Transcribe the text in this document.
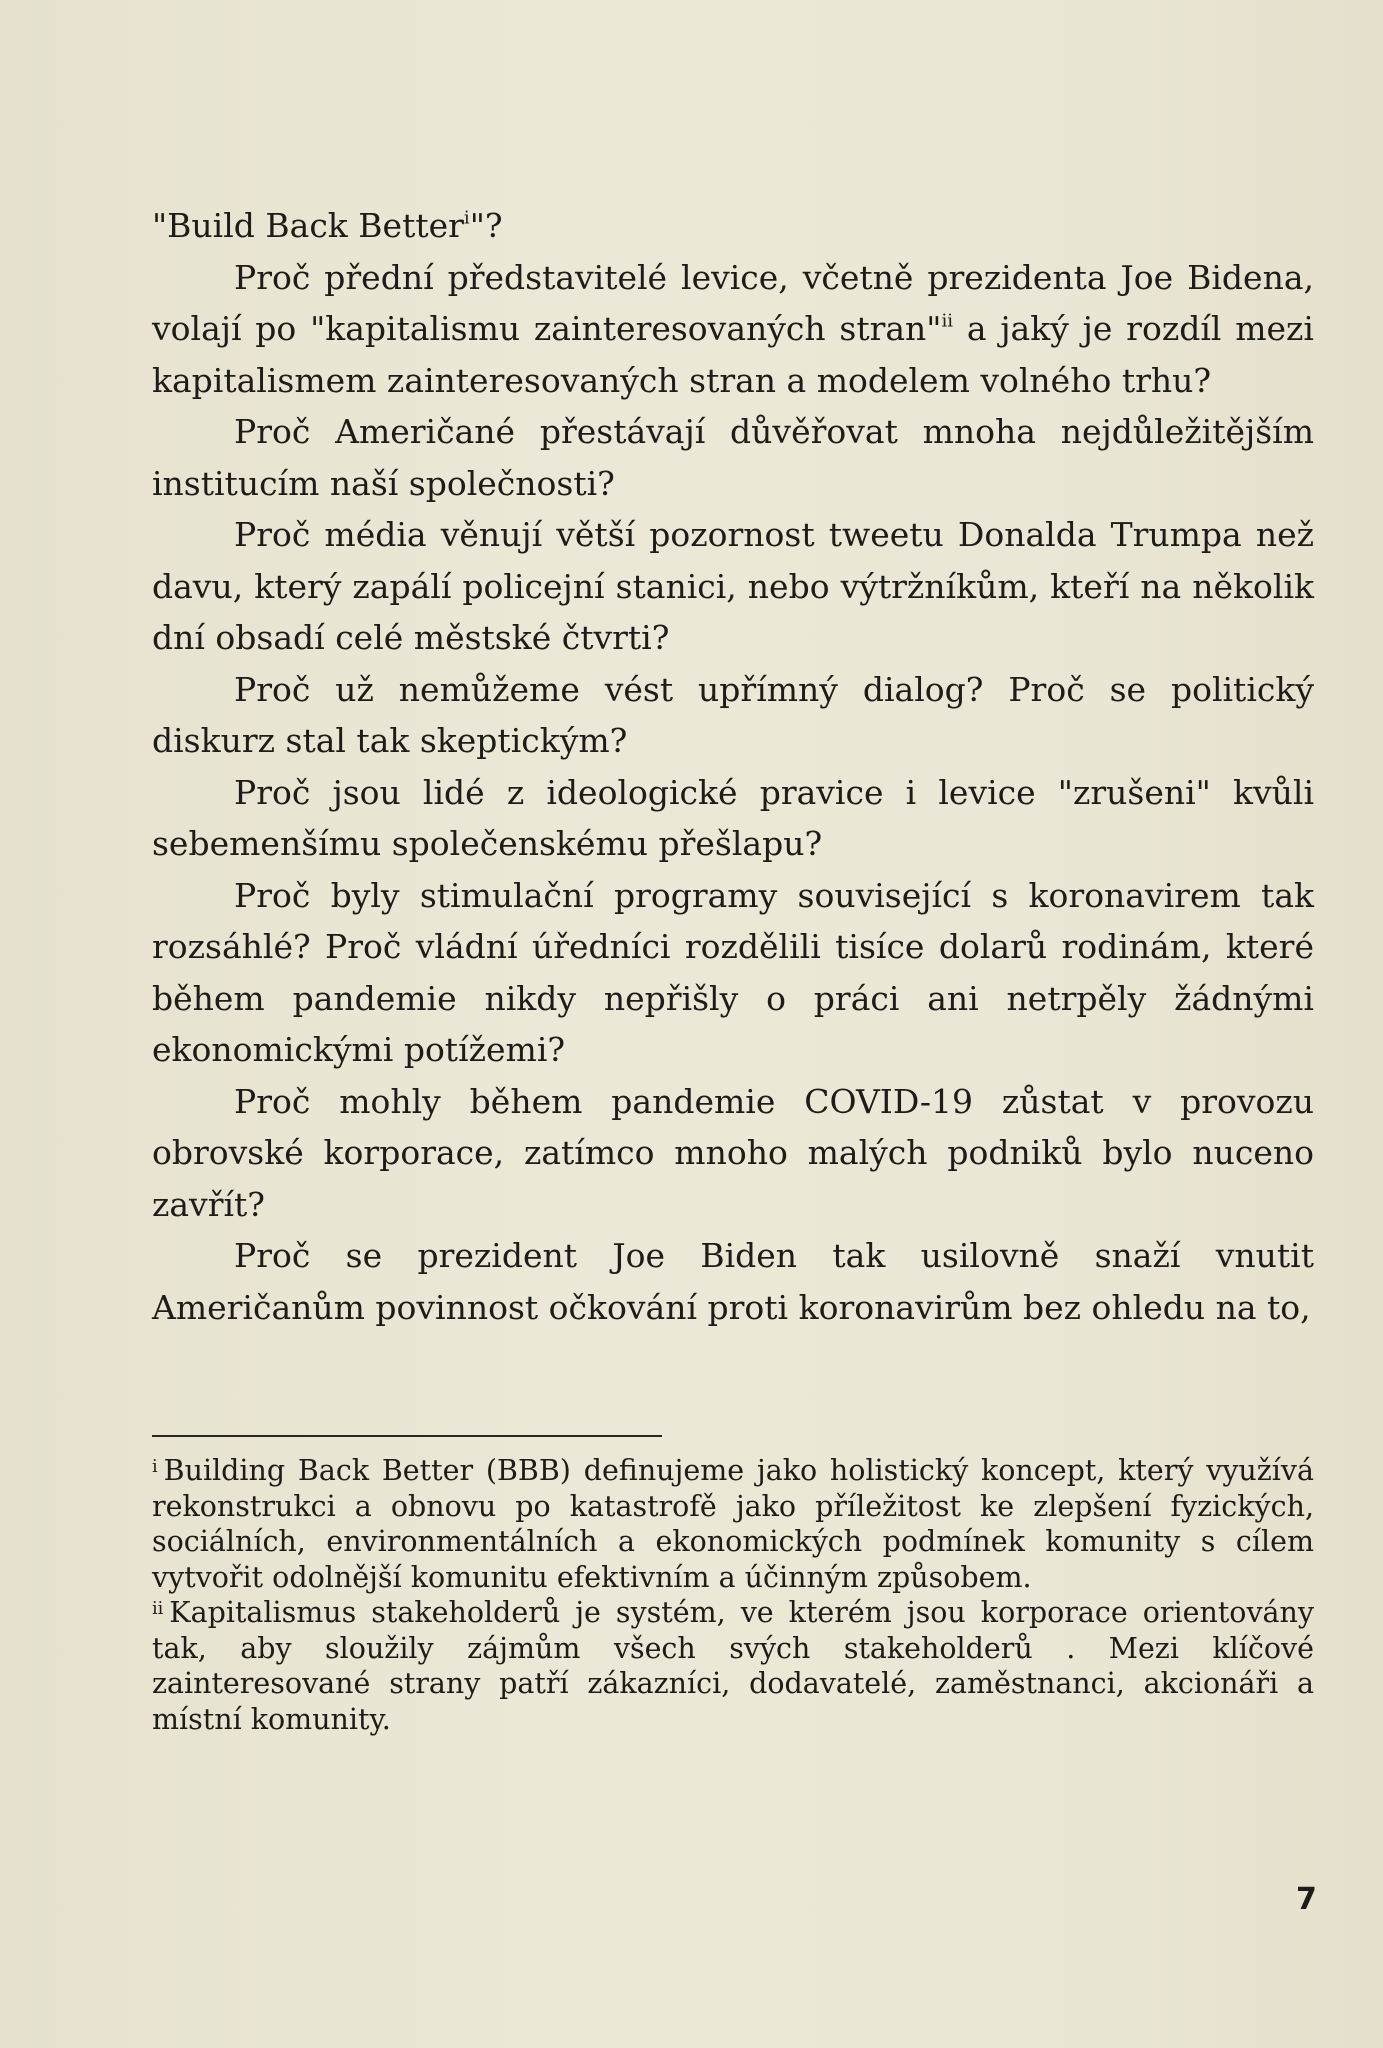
"Build Back Better$^i$"?

Proč přední představitelé levice, včetně prezidenta Joe Bidena, volají po "kapitalismu zainteresovaných stran"$^{ii}$ a jaký je rozdíl mezi kapitalismem zainteresovaných stran a modelem volného trhu?

Proč Američané přestávají důvěřovat mnoha nejdůležitějším institucím naší společnosti?

Proč média věnují větší pozornost tweetu Donalda Trumpa než davu, který zapálí policejní stanici, nebo výtržníkům, kteří na několik dní obsadí celé městské čtvrti?

Proč už nemůžeme vést upřímný dialog? Proč se politický diskurz stal tak skeptickým?

Proč jsou lidé z ideologické pravice i levice "zrušeni" kvůli sebemenšímu společenskému přešlapu?

Proč byly stimulační programy související s koronavirem tak rozsáhlé? Proč vládní úředníci rozdělili tisíce dolarů rodinám, které během pandemie nikdy nepřišly o práci ani netrpěly žádnými ekonomickými potížemi?

Proč mohly během pandemie COVID-19 zůstat v provozu obrovské korporace, zatímco mnoho malých podniků bylo nuceno zavřít?

Proč se prezident Joe Biden tak usilovně snaží vnutit Američanům povinnost očkování proti koronavirům bez ohledu na to,

$^i$ Building Back Better (BBB) definujeme jako holistický koncept, který využívá rekonstrukci a obnovu po katastrofě jako příležitost ke zlepšení fyzických, sociálních, environmentálních a ekonomických podmínek komunity s cílem vytvořit odolnější komunitu efektivním a účinným způsobem.

$^{ii}$ Kapitalismus stakeholderů je systém, ve kterém jsou korporace orientovány tak, aby sloužily zájmům všech svých stakeholderů . Mezi klíčové zainteresované strany patří zákazníci, dodavatelé, zaměstnanci, akcionáři a místní komunity.

7
